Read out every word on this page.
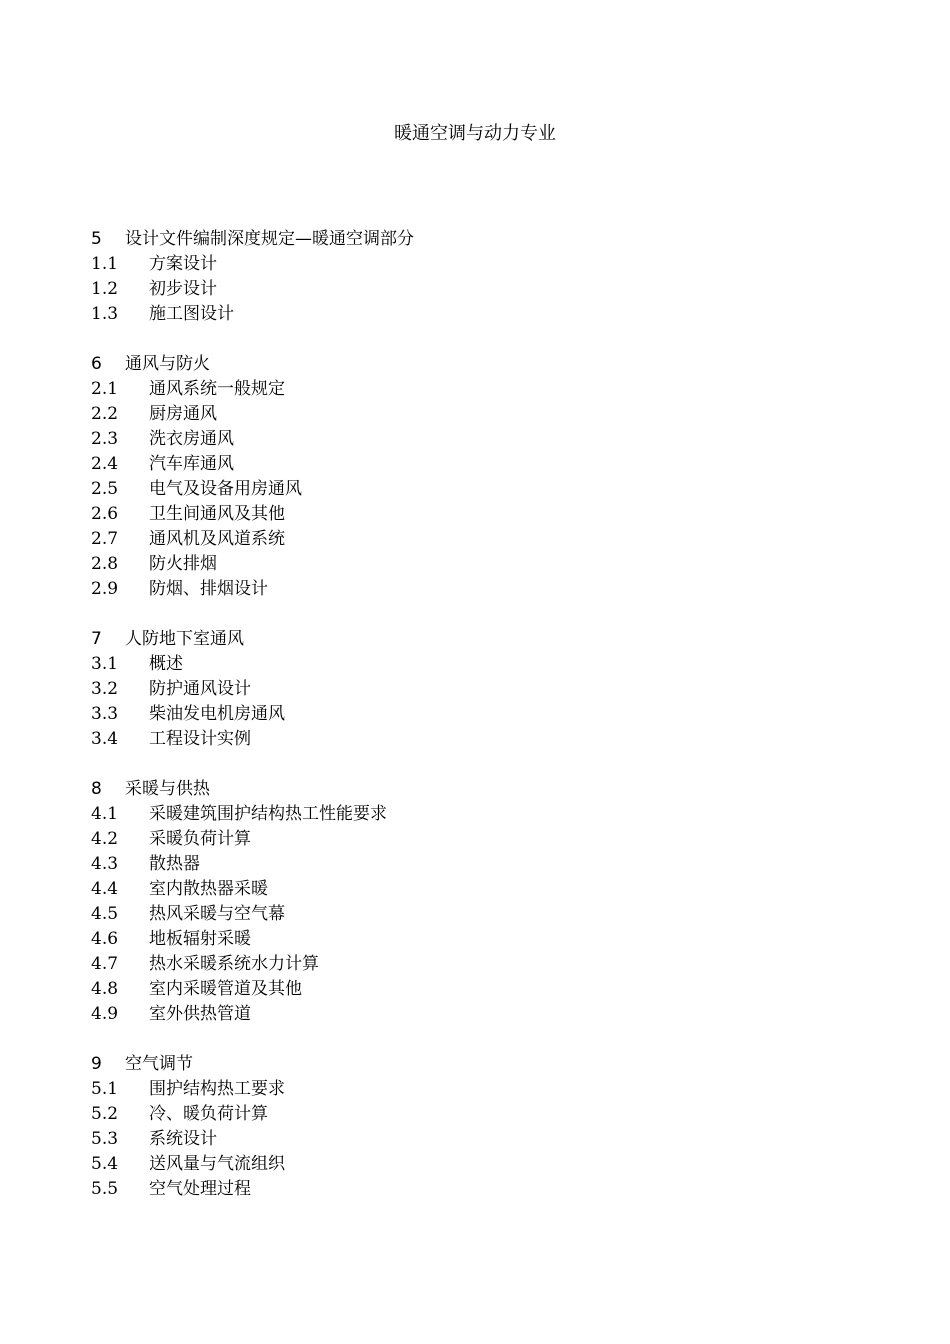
暖通空调与动力专业
5 设计文件编制深度规定—暖通空调部分
1.1 方案设计
1.2 初步设计
1.3 施工图设计
6 通风与防火
2.1 通风系统一般规定
2.2 厨房通风
2.3 洗衣房通风
2.4 汽车库通风
2.5 电气及设备用房通风
2.6 卫生间通风及其他
2.7 通风机及风道系统
2.8 防火排烟
2.9 防烟、排烟设计
7 人防地下室通风
3.1 概述
3.2 防护通风设计
3.3 柴油发电机房通风
3.4 工程设计实例
8 采暖与供热
4.1 采暖建筑围护结构热工性能要求
4.2 采暖负荷计算
4.3 散热器
4.4 室内散热器采暖
4.5 热风采暖与空气幕
4.6 地板辐射采暖
4.7 热水采暖系统水力计算
4.8 室内采暖管道及其他
4.9 室外供热管道
9 空气调节
5.1 围护结构热工要求
5.2 冷、暖负荷计算
5.3 系统设计
5.4 送风量与气流组织
5.5 空气处理过程
